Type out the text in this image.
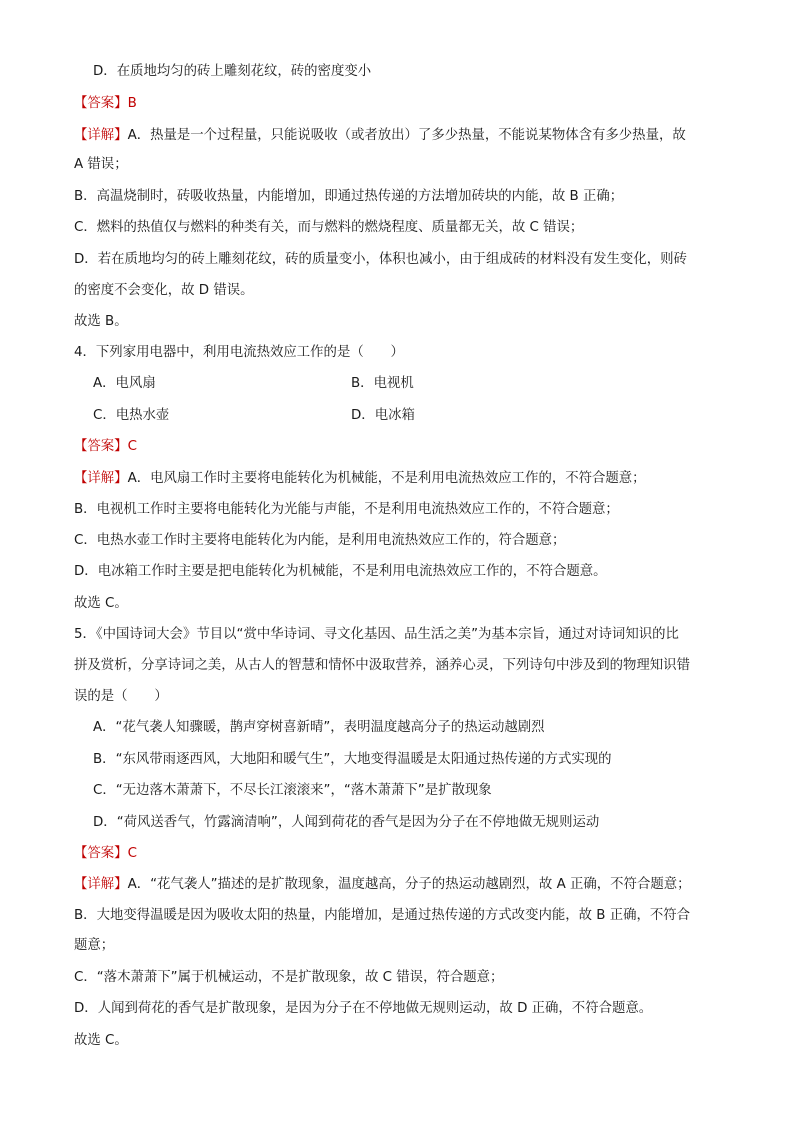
D．在质地均匀的砖上雕刻花纹，砖的密度变小
【答案】B
【详解】A．热量是一个过程量，只能说吸收（或者放出）了多少热量，不能说某物体含有多少热量，故
A 错误；
B．高温烧制时，砖吸收热量，内能增加，即通过热传递的方法增加砖块的内能，故 B 正确；
C．燃料的热值仅与燃料的种类有关，而与燃料的燃烧程度、质量都无关，故 C 错误；
D．若在质地均匀的砖上雕刻花纹，砖的质量变小，体积也减小，由于组成砖的材料没有发生变化，则砖
的密度不会变化，故 D 错误。
故选 B。
4．下列家用电器中，利用电流热效应工作的是（　　）
A．电风扇	B．电视机
C．电热水壶	D．电冰箱
【答案】C
【详解】A．电风扇工作时主要将电能转化为机械能，不是利用电流热效应工作的，不符合题意；
B．电视机工作时主要将电能转化为光能与声能，不是利用电流热效应工作的，不符合题意；
C．电热水壶工作时主要将电能转化为内能，是利用电流热效应工作的，符合题意；
D．电冰箱工作时主要是把电能转化为机械能，不是利用电流热效应工作的，不符合题意。
故选 C。
5．《中国诗词大会》节目以“赏中华诗词、寻文化基因、品生活之美”为基本宗旨，通过对诗词知识的比
拼及赏析，分享诗词之美，从古人的智慧和情怀中汲取营养，涵养心灵，下列诗句中涉及到的物理知识错
误的是（　　）
A．“花气袭人知骤暖，鹊声穿树喜新晴”，表明温度越高分子的热运动越剧烈
B．“东风带雨逐西风，大地阳和暖气生”，大地变得温暖是太阳通过热传递的方式实现的
C．“无边落木萧萧下，不尽长江滚滚来”，“落木萧萧下”是扩散现象
D．“荷风送香气，竹露滴清响”，人闻到荷花的香气是因为分子在不停地做无规则运动
【答案】C
【详解】A．“花气袭人”描述的是扩散现象，温度越高，分子的热运动越剧烈，故 A 正确，不符合题意；
B．大地变得温暖是因为吸收太阳的热量，内能增加，是通过热传递的方式改变内能，故 B 正确，不符合
题意；
C．“落木萧萧下”属于机械运动，不是扩散现象，故 C 错误，符合题意；
D．人闻到荷花的香气是扩散现象，是因为分子在不停地做无规则运动，故 D 正确，不符合题意。
故选 C。
